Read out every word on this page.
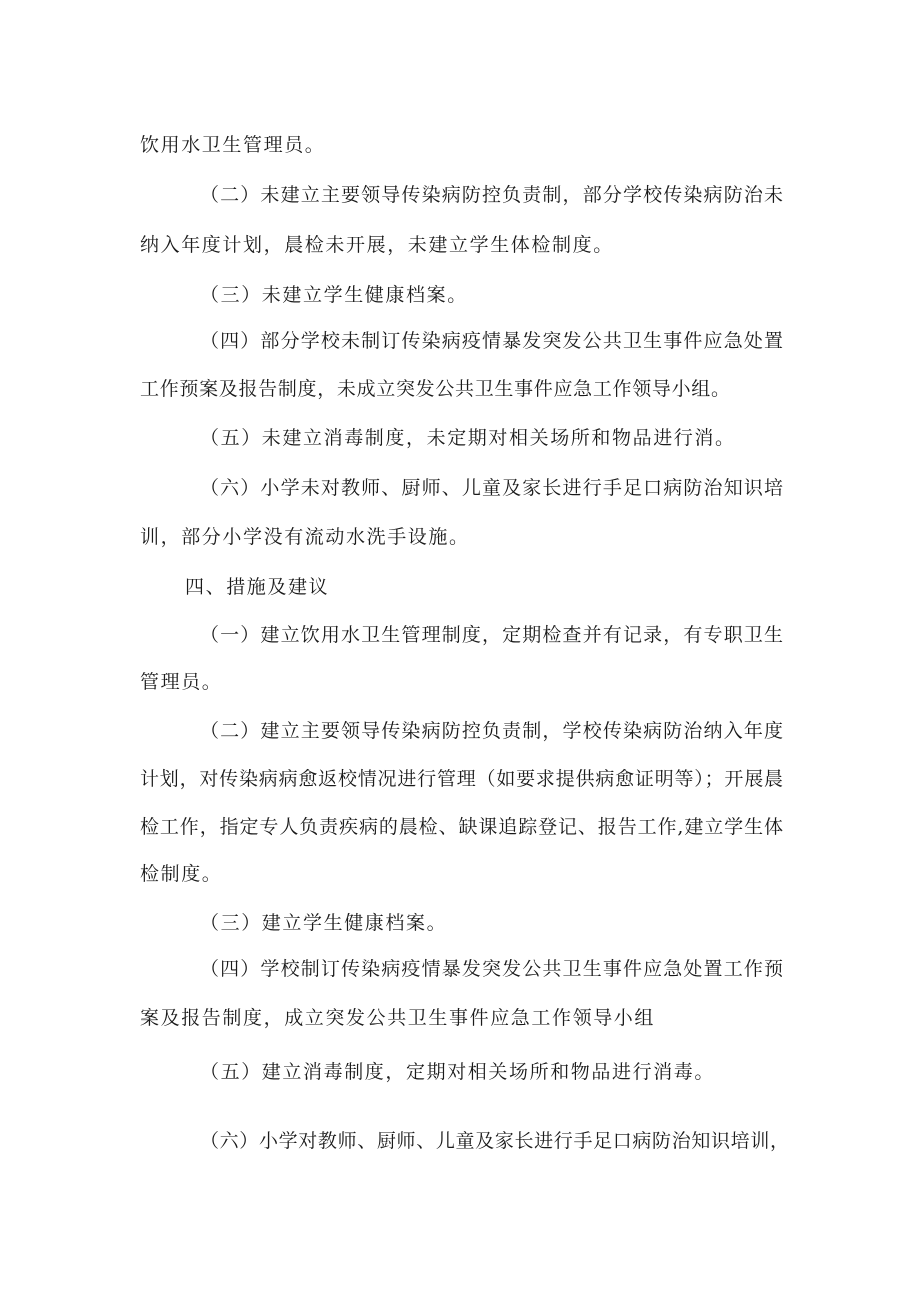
饮用水卫生管理员。
（二）未建立主要领导传染病防控负责制，部分学校传染病防治未
纳入年度计划，晨检未开展，未建立学生体检制度。
（三）未建立学生健康档案。
（四）部分学校未制订传染病疫情暴发突发公共卫生事件应急处置
工作预案及报告制度，未成立突发公共卫生事件应急工作领导小组。
（五）未建立消毒制度，未定期对相关场所和物品进行消。
（六）小学未对教师、厨师、儿童及家长进行手足口病防治知识培
训，部分小学没有流动水洗手设施。
四、措施及建议
（一）建立饮用水卫生管理制度，定期检查并有记录，有专职卫生
管理员。
（二）建立主要领导传染病防控负责制，学校传染病防治纳入年度
计划，对传染病病愈返校情况进行管理（如要求提供病愈证明等）；开展晨
检工作，指定专人负责疾病的晨检、缺课追踪登记、报告工作,建立学生体
检制度。
（三）建立学生健康档案。
（四）学校制订传染病疫情暴发突发公共卫生事件应急处置工作预
案及报告制度，成立突发公共卫生事件应急工作领导小组
（五）建立消毒制度，定期对相关场所和物品进行消毒。
（六）小学对教师、厨师、儿童及家长进行手足口病防治知识培训，
